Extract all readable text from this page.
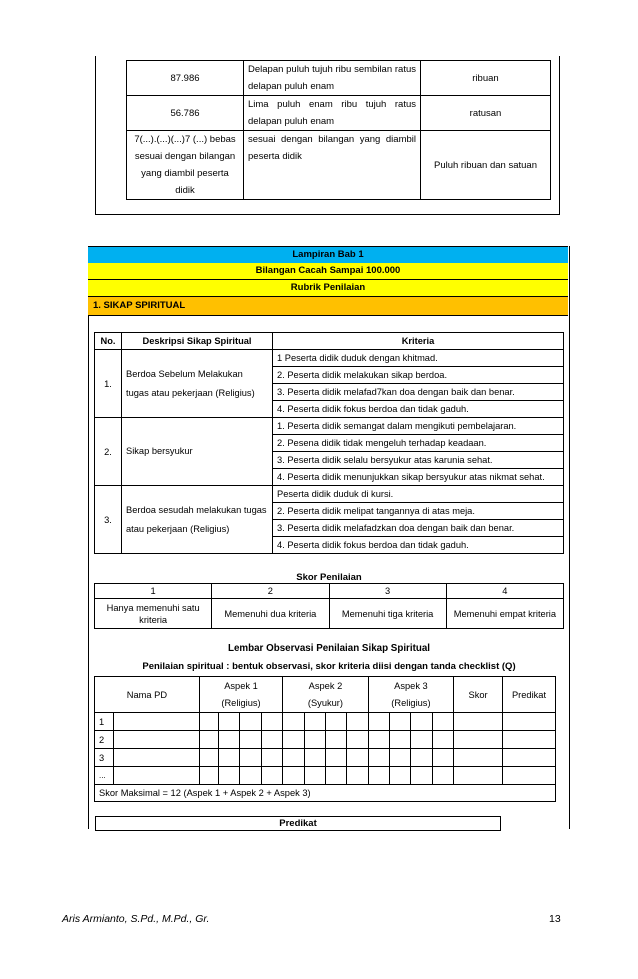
87.986	Delapan puluh tujuh ribu sembilan ratus delapan puluh enam	ribuan
56.786	Lima puluh enam ribu tujuh ratus delapan puluh enam	ratusan
7(...).(...)(...)7 (...) bebas sesuai dengan bilangan yang diambil peserta didik	sesuai dengan bilangan yang diambil peserta didik	Puluh ribuan dan satuan
Lampiran Bab 1
Bilangan Cacah Sampai 100.000
Rubrik Penilaian
1. SIKAP SPIRITUAL
No.	Deskripsi Sikap Spiritual	Kriteria
1.	Berdoa Sebelum Melakukan tugas atau pekerjaan (Religius)	1 Peserta didik duduk dengan khitmad.
		2. Peserta didik melakukan sikap berdoa.
		3. Peserta didik melafad7kan doa dengan baik dan benar.
		4. Peserta didik fokus berdoa dan tidak gaduh.
2.	Sikap bersyukur	1. Peserta didik semangat dalam mengikuti pembelajaran.
		2. Pesena didik tidak mengeluh terhadap keadaan.
		3. Peserta didik selalu bersyukur atas karunia sehat.
		4. Peserta didik menunjukkan sikap bersyukur atas nikmat sehat.
3.	Berdoa sesudah melakukan tugas atau pekerjaan (Religius)	Peserta didik duduk di kursi.
		2. Peserta didik melipat tangannya di atas meja.
		3. Peserta didik melafadzkan doa dengan baik dan benar.
		4. Peserta didik fokus berdoa dan tidak gaduh.
Skor Penilaian
1	2	3	4
Hanya memenuhi satu kriteria	Memenuhi dua kriteria	Memenuhi tiga kriteria	Memenuhi empat kriteria
Lembar Observasi Penilaian Sikap Spiritual
Penilaian spiritual : bentuk observasi, skor kriteria diisi dengan tanda checklist (Q)
Nama PD		Aspek 1				Aspek 2				Aspek 3				Skor	Predikat
		(Religius)				(Syukur)				(Religius)					
1															
2															
3															
...															
Skor Maksimal = 12 (Aspek 1 + Aspek 2 + Aspek 3)															
Predikat
Aris Armianto, S.Pd., M.Pd., Gr.	13
